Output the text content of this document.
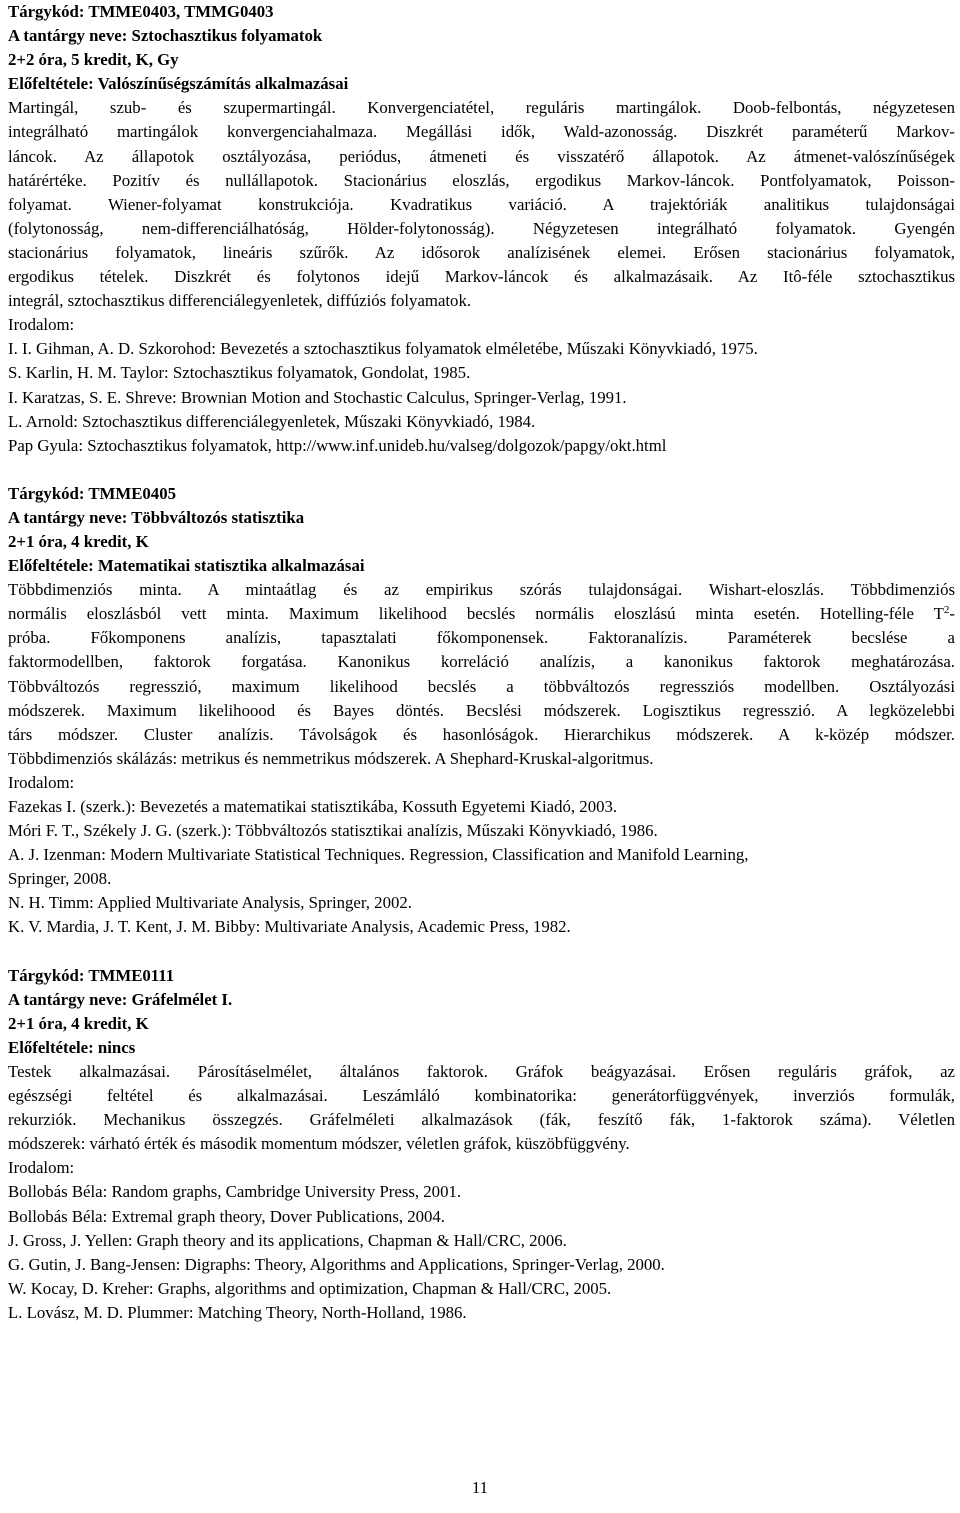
Tárgykód: TMME0403, TMMG0403
A tantárgy neve: Sztochasztikus folyamatok
2+2 óra, 5 kredit, K, Gy
Előfeltétele: Valószínűségszámítás alkalmazásai
Martingál, szub- és szupermartingál. Konvergenciatétel, reguláris martingálok. Doob-felbontás, négyzetesen
integrálható martingálok konvergenciahalmaza. Megállási idők, Wald-azonosság. Diszkrét paraméterű Markov-
láncok. Az állapotok osztályozása, periódus, átmeneti és visszatérő állapotok. Az átmenet-valószínűségek
határértéke. Pozitív és nullállapotok. Stacionárius eloszlás, ergodikus Markov-láncok. Pontfolyamatok, Poisson-
folyamat. Wiener-folyamat konstrukciója. Kvadratikus variáció. A trajektóriák analitikus tulajdonságai
(folytonosság, nem-differenciálhatóság, Hölder-folytonosság). Négyzetesen integrálható folyamatok. Gyengén
stacionárius folyamatok, lineáris szűrők. Az idősorok analízisének elemei. Erősen stacionárius folyamatok,
ergodikus tételek. Diszkrét és folytonos idejű Markov-láncok és alkalmazásaik. Az Itô-féle sztochasztikus
integrál, sztochasztikus differenciálegyenletek, diffúziós folyamatok.
Irodalom:
I. I. Gihman, A. D. Szkorohod: Bevezetés a sztochasztikus folyamatok elméletébe, Műszaki Könyvkiadó, 1975.
S. Karlin, H. M. Taylor: Sztochasztikus folyamatok, Gondolat, 1985.
I. Karatzas, S. E. Shreve: Brownian Motion and Stochastic Calculus, Springer-Verlag, 1991.
L. Arnold: Sztochasztikus differenciálegyenletek, Műszaki Könyvkiadó, 1984.
Pap Gyula: Sztochasztikus folyamatok, http://www.inf.unideb.hu/valseg/dolgozok/papgy/okt.html
Tárgykód: TMME0405
A tantárgy neve: Többváltozós statisztika
2+1 óra, 4 kredit, K
Előfeltétele: Matematikai statisztika alkalmazásai
Többdimenziós minta. A mintaátlag és az empirikus szórás tulajdonságai. Wishart-eloszlás. Többdimenziós
normális eloszlásból vett minta. Maximum likelihood becslés normális eloszlású minta esetén. Hotelling-féle $T^2-$
próba. Főkomponens analízis, tapasztalati főkomponensek. Faktoranalízis. Paraméterek becslése a
faktormodellben, faktorok forgatása. Kanonikus korreláció analízis, a kanonikus faktorok meghatározása.
Többváltozós regresszió, maximum likelihood becslés a többváltozós regressziós modellben. Osztályozási
módszerek. Maximum likelihoood és Bayes döntés. Becslési módszerek. Logisztikus regresszió. A legközelebbi
társ módszer. Cluster analízis. Távolságok és hasonlóságok. Hierarchikus módszerek. A k-közép módszer.
Többdimenziós skálázás: metrikus és nemmetrikus módszerek. A Shephard-Kruskal-algoritmus.
Irodalom:
Fazekas I. (szerk.): Bevezetés a matematikai statisztikába, Kossuth Egyetemi Kiadó, 2003.
Móri F. T., Székely J. G. (szerk.): Többváltozós statisztikai analízis, Műszaki Könyvkiadó, 1986.
A. J. Izenman: Modern Multivariate Statistical Techniques. Regression, Classification and Manifold Learning,
Springer, 2008.
N. H. Timm: Applied Multivariate Analysis, Springer, 2002.
K. V. Mardia, J. T. Kent, J. M. Bibby: Multivariate Analysis, Academic Press, 1982.
Tárgykód: TMME0111
A tantárgy neve: Gráfelmélet I.
2+1 óra, 4 kredit, K
Előfeltétele: nincs
Testek alkalmazásai. Párosításelmélet, általános faktorok. Gráfok beágyazásai. Erősen reguláris gráfok, az
egészségi feltétel és alkalmazásai. Leszámláló kombinatorika: generátorfüggvények, inverziós formulák,
rekurziók. Mechanikus összegzés. Gráfelméleti alkalmazások (fák, feszítő fák, 1-faktorok száma). Véletlen
módszerek: várható érték és második momentum módszer, véletlen gráfok, küszöbfüggvény.
Irodalom:
Bollobás Béla: Random graphs, Cambridge University Press, 2001.
Bollobás Béla: Extremal graph theory, Dover Publications, 2004.
J. Gross, J. Yellen: Graph theory and its applications, Chapman & Hall/CRC, 2006.
G. Gutin, J. Bang-Jensen: Digraphs: Theory, Algorithms and Applications, Springer-Verlag, 2000.
W. Kocay, D. Kreher: Graphs, algorithms and optimization, Chapman & Hall/CRC, 2005.
L. Lovász, M. D. Plummer: Matching Theory, North-Holland, 1986.
11
